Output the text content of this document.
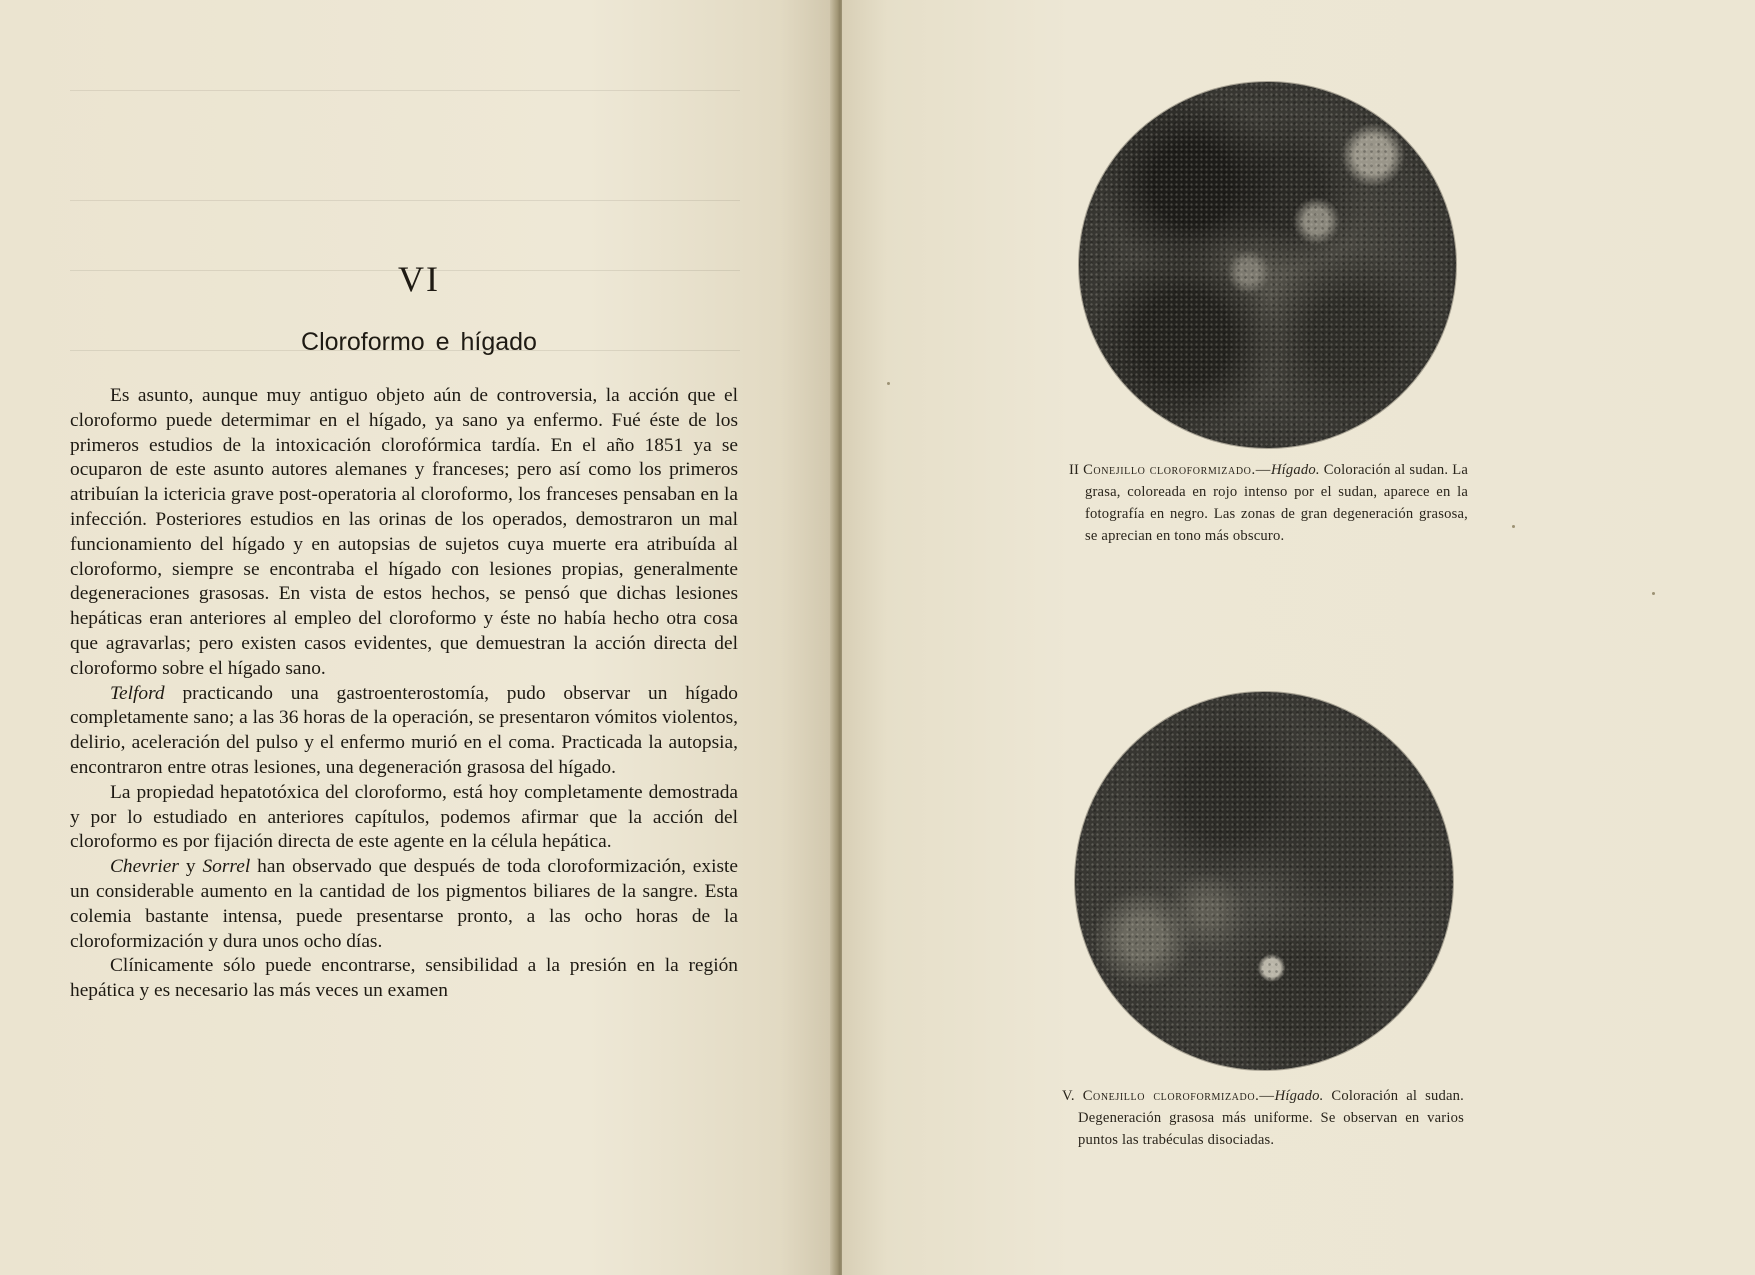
VI
Cloroformo e hígado

Es asunto, aunque muy antiguo objeto aún de controversia, la acción que el cloroformo puede determimar en el hígado, ya sano ya enfermo. Fué éste de los primeros estudios de la intoxicación clorofórmica tardía. En el año 1851 ya se ocuparon de este asunto autores alemanes y franceses; pero así como los primeros atribuían la ictericia grave post-operatoria al cloroformo, los franceses pensaban en la infección. Posteriores estudios en las orinas de los operados, demostraron un mal funcionamiento del hígado y en autopsias de sujetos cuya muerte era atribuída al cloroformo, siempre se encontraba el hígado con lesiones propias, generalmente degeneraciones grasosas. En vista de estos hechos, se pensó que dichas lesiones hepáticas eran anteriores al empleo del cloroformo y éste no había hecho otra cosa que agravarlas; pero existen casos evidentes, que demuestran la acción directa del cloroformo sobre el hígado sano.

Telford practicando una gastroenterostomía, pudo observar un hígado completamente sano; a las 36 horas de la operación, se presentaron vómitos violentos, delirio, aceleración del pulso y el enfermo murió en el coma. Practicada la autopsia, encontraron entre otras lesiones, una degeneración grasosa del hígado.

La propiedad hepatotóxica del cloroformo, está hoy completamente demostrada y por lo estudiado en anteriores capítulos, podemos afirmar que la acción del cloroformo es por fijación directa de este agente en la célula hepática.

Chevrier y Sorrel han observado que después de toda cloroformización, existe un considerable aumento en la cantidad de los pigmentos biliares de la sangre. Esta colemia bastante intensa, puede presentarse pronto, a las ocho horas de la cloroformización y dura unos ocho días.

Clínicamente sólo puede encontrarse, sensibilidad a la presión en la región hepática y es necesario las más veces un examen

II Conejillo cloroformizado.—Hígado. Coloración al sudan. La grasa, coloreada en rojo intenso por el sudan, aparece en la fotografía en negro. Las zonas de gran degeneración grasosa, se aprecian en tono más obscuro.

V. Conejillo cloroformizado.—Hígado. Coloración al sudan. Degeneración grasosa más uniforme. Se observan en varios puntos las trabéculas disociadas.
